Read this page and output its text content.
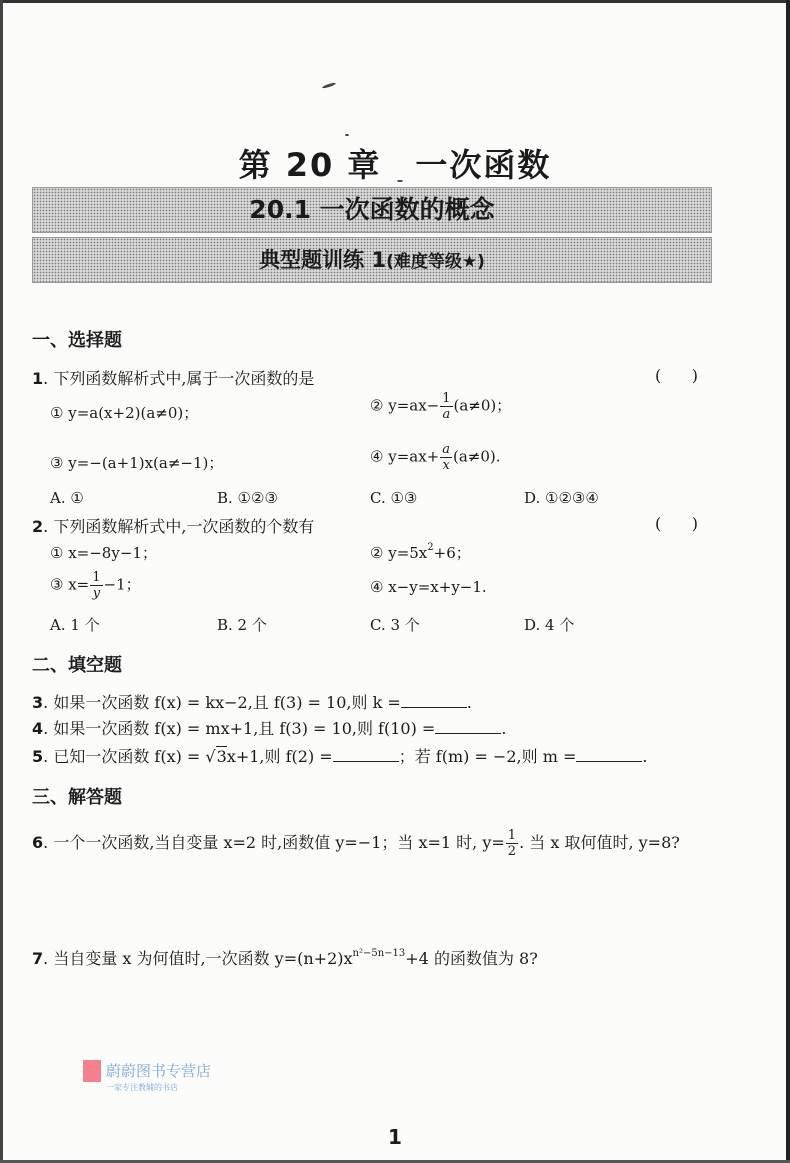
第 20 章　一次函数
20.1 一次函数的概念
典型题训练 1(难度等级★)
一、选择题
1. 下列函数解析式中,属于一次函数的是	(      )
① y=a(x+2)(a≠0)；	② $y=ax- \frac{1}{a} (a\ne 0)$；
③ y=−(a+1)x(a≠−1)；	④ $y=ax+ \frac{a}{x} (a\ne 0)$.
A. ①	B. ①②③	C. ①③	D. ①②③④
2. 下列函数解析式中,一次函数的个数有	(      )
① x=−8y−1；	② $y=5x^2+6$；
③ $x= \frac{1}{y} -1$；	④ x−y=x+y−1.
A. 1 个	B. 2 个	C. 3 个	D. 4 个
二、填空题
3. 如果一次函数 f(x) = kx−2,且 f(3) = 10,则 k =	.
4. 如果一次函数 f(x) = mx+1,且 f(3) = 10,则 f(10) =	.
5. 已知一次函数 f(x) = √3x+1,则 f(2) =	；若 f(m) = −2,则 m =	.
三、解答题
6. 一个一次函数,当自变量 x=2 时,函数值 y=−1；当 x=1 时, $y= \frac{1}{2}$ . 当 x 取何值时, y=8?
7. 当自变量 x 为何值时,一次函数 $y=(n+2)x^{n^2-5n-13}+4$ 的函数值为 8?
蔚蔚图书专营店
一家专注教辅的书店
1
